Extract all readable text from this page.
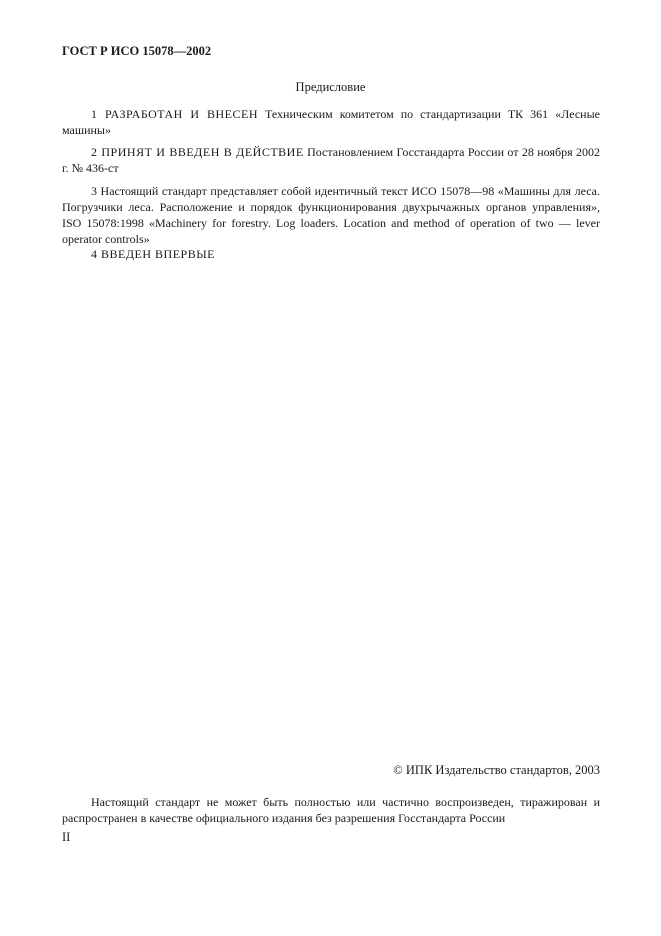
ГОСТ Р ИСО 15078—2002
Предисловие
1 РАЗРАБОТАН И ВНЕСЕН Техническим комитетом по стандартизации ТК 361 «Лесные машины»
2 ПРИНЯТ И ВВЕДЕН В ДЕЙСТВИЕ Постановлением Госстандарта России от 28 ноября 2002 г. № 436-ст
3 Настоящий стандарт представляет собой идентичный текст ИСО 15078—98 «Машины для леса. Погрузчики леса. Расположение и порядок функционирования двухрычажных органов управления», ISO 15078:1998 «Machinery for forestry. Log loaders. Location and method of operation of two — lever operator controls»
4 ВВЕДЕН ВПЕРВЫЕ
© ИПК Издательство стандартов, 2003
Настоящий стандарт не может быть полностью или частично воспроизведен, тиражирован и распространен в качестве официального издания без разрешения Госстандарта России
II
